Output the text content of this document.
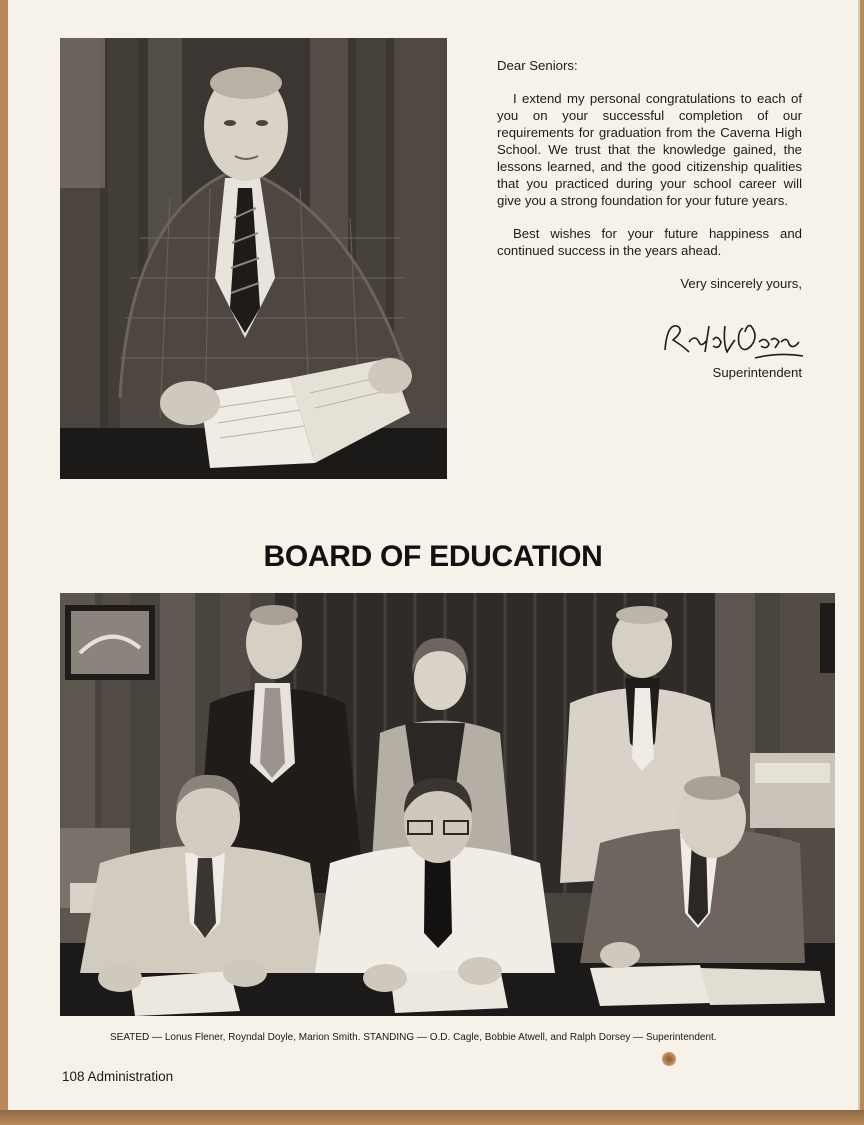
Dear Seniors:

I extend my personal congratulations to each of you on your successful completion of our requirements for graduation from the Caverna High School. We trust that the knowledge gained, the lessons learned, and the good citizenship qualities that you practiced during your school career will give you a strong foundation for your future years.

Best wishes for your future happiness and continued success in the years ahead.

Very sincerely yours,

Superintendent
BOARD OF EDUCATION
SEATED — Lonus Flener, Royndal Doyle, Marion Smith. STANDING — O.D. Cagle, Bobbie Atwell, and Ralph Dorsey — Superintendent.
108 Administration
